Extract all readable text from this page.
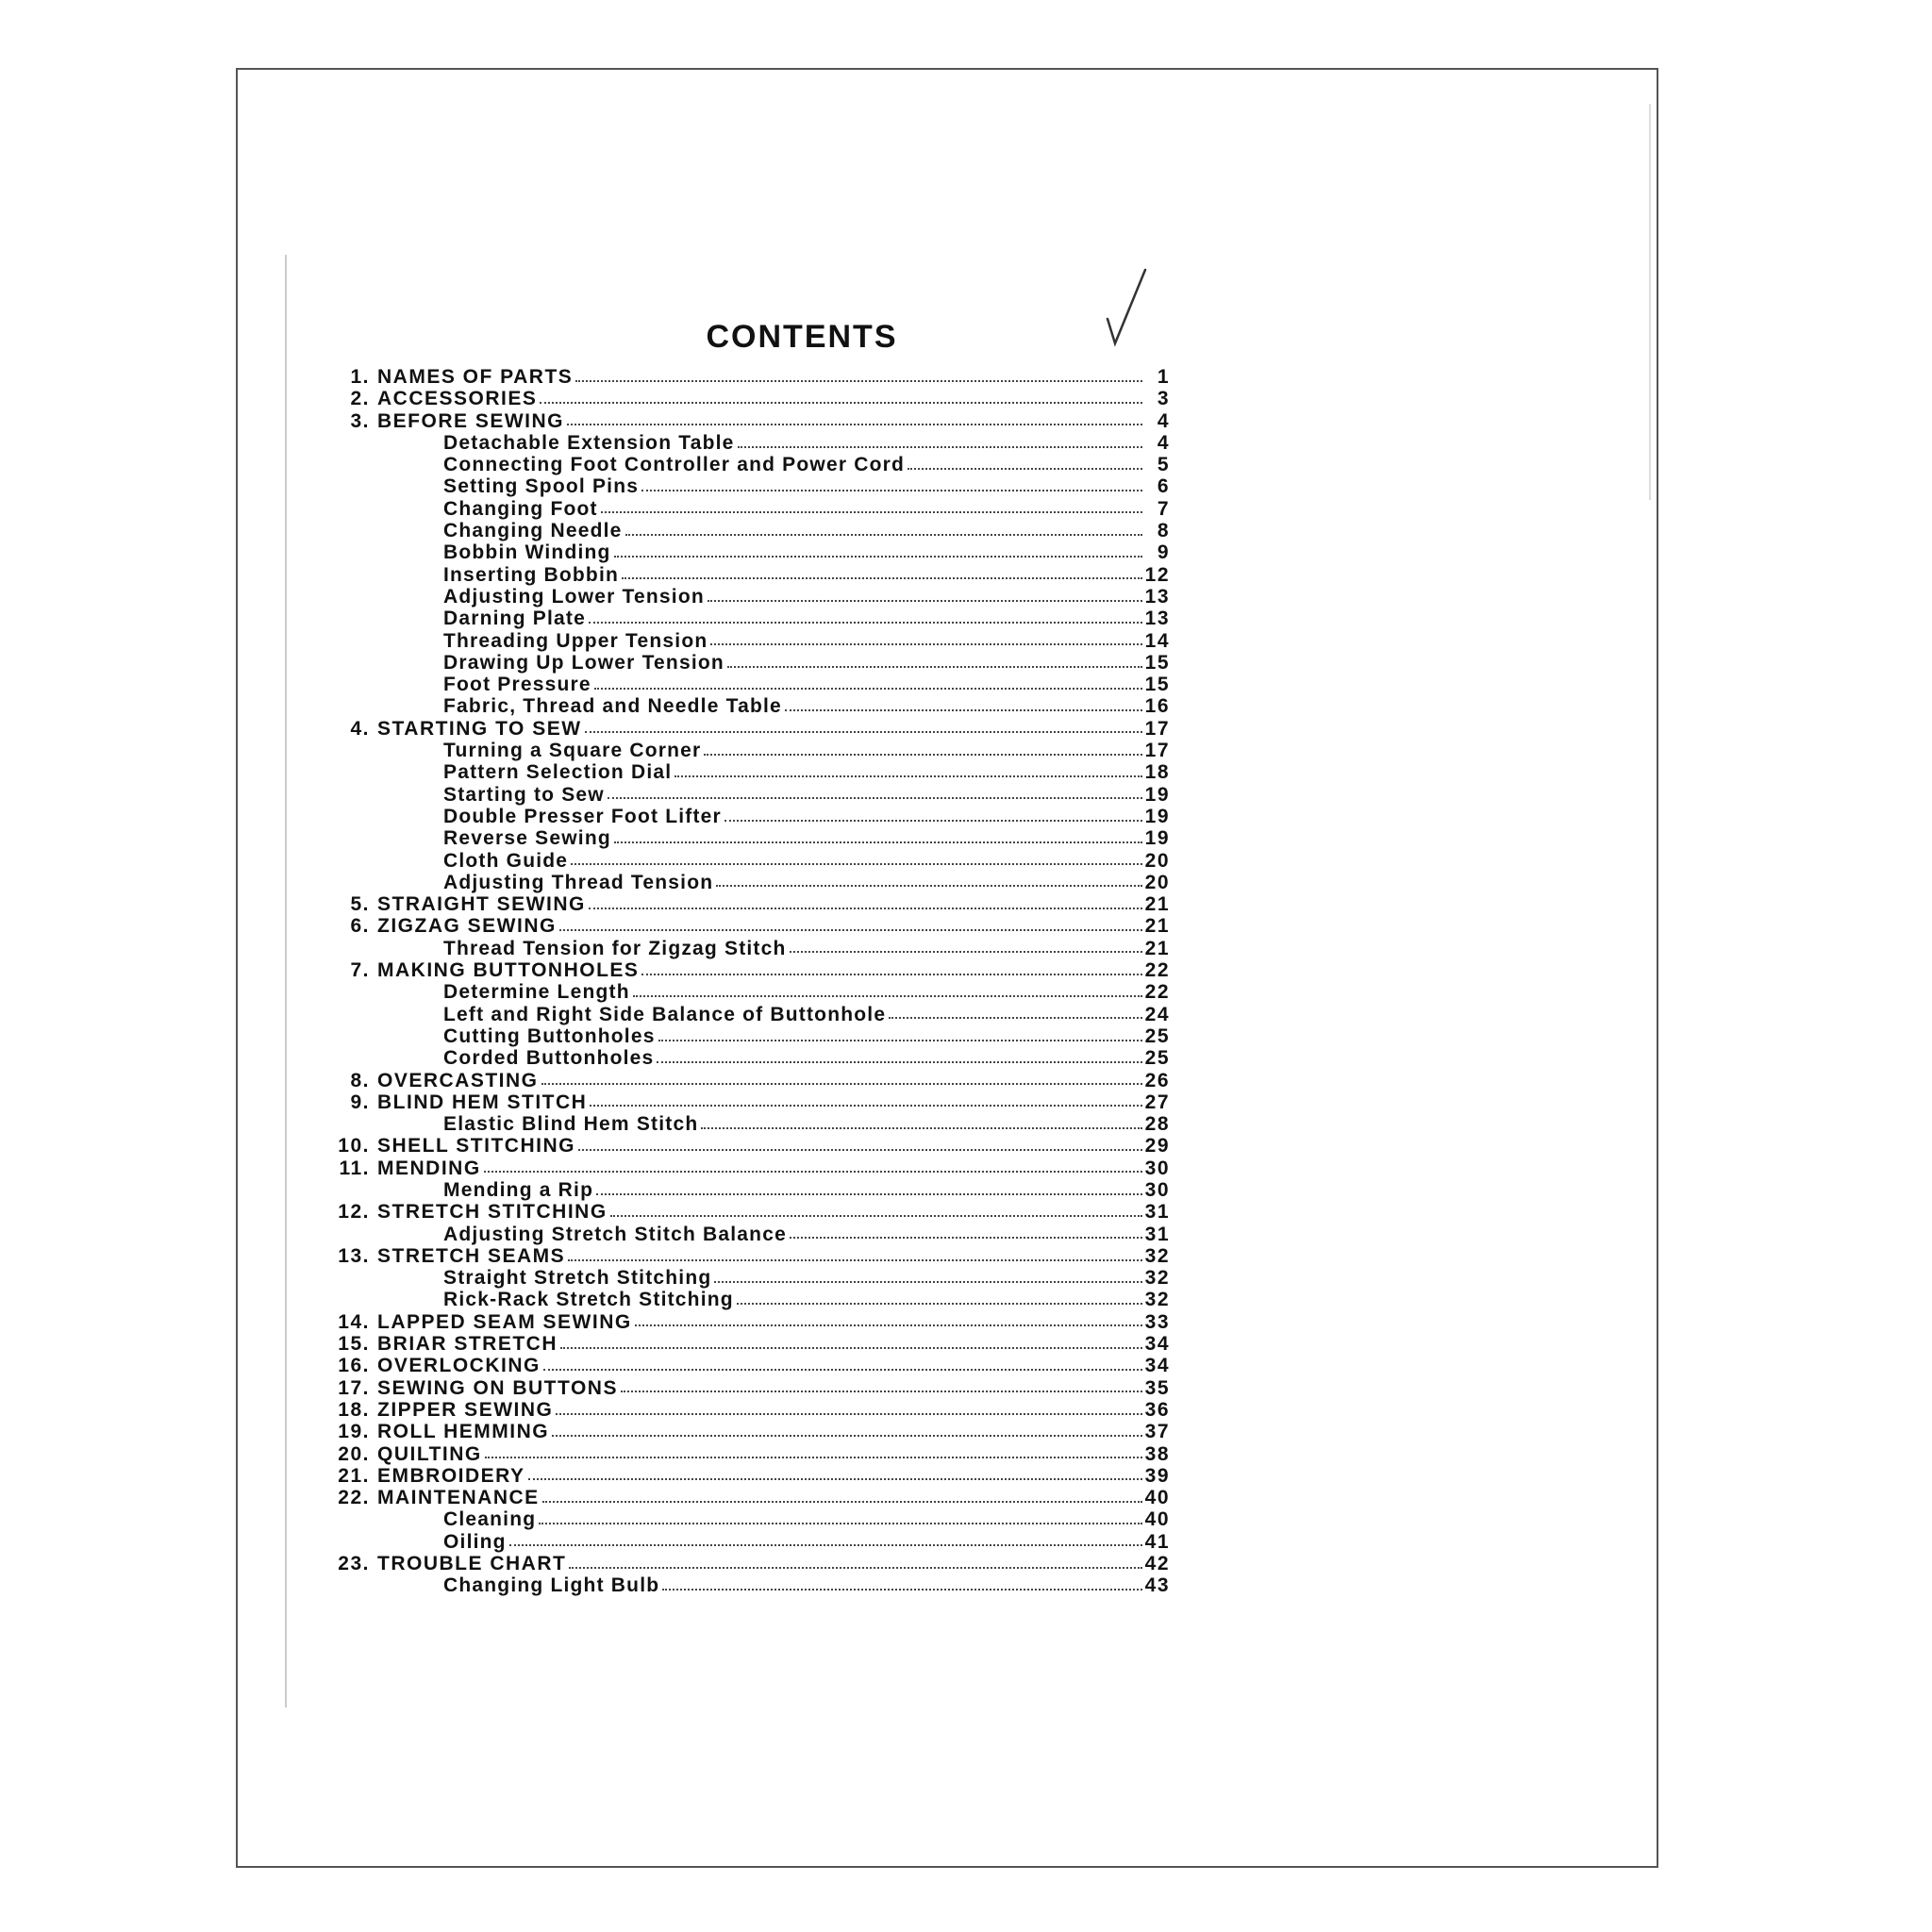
CONTENTS
1. NAMES OF PARTS	1
2. ACCESSORIES	3
3. BEFORE SEWING	4
Detachable Extension Table	4
Connecting Foot Controller and Power Cord	5
Setting Spool Pins	6
Changing Foot	7
Changing Needle	8
Bobbin Winding	9
Inserting Bobbin	12
Adjusting Lower Tension	13
Darning Plate	13
Threading Upper Tension	14
Drawing Up Lower Tension	15
Foot Pressure	15
Fabric, Thread and Needle Table	16
4. STARTING TO SEW	17
Turning a Square Corner	17
Pattern Selection Dial	18
Starting to Sew	19
Double Presser Foot Lifter	19
Reverse Sewing	19
Cloth Guide	20
Adjusting Thread Tension	20
5. STRAIGHT SEWING	21
6. ZIGZAG SEWING	21
Thread Tension for Zigzag Stitch	21
7. MAKING BUTTONHOLES	22
Determine Length	22
Left and Right Side Balance of Buttonhole	24
Cutting Buttonholes	25
Corded Buttonholes	25
8. OVERCASTING	26
9. BLIND HEM STITCH	27
Elastic Blind Hem Stitch	28
10. SHELL STITCHING	29
11. MENDING	30
Mending a Rip	30
12. STRETCH STITCHING	31
Adjusting Stretch Stitch Balance	31
13. STRETCH SEAMS	32
Straight Stretch Stitching	32
Rick-Rack Stretch Stitching	32
14. LAPPED SEAM SEWING	33
15. BRIAR STRETCH	34
16. OVERLOCKING	34
17. SEWING ON BUTTONS	35
18. ZIPPER SEWING	36
19. ROLL HEMMING	37
20. QUILTING	38
21. EMBROIDERY	39
22. MAINTENANCE	40
Cleaning	40
Oiling	41
23. TROUBLE CHART	42
Changing Light Bulb	43
